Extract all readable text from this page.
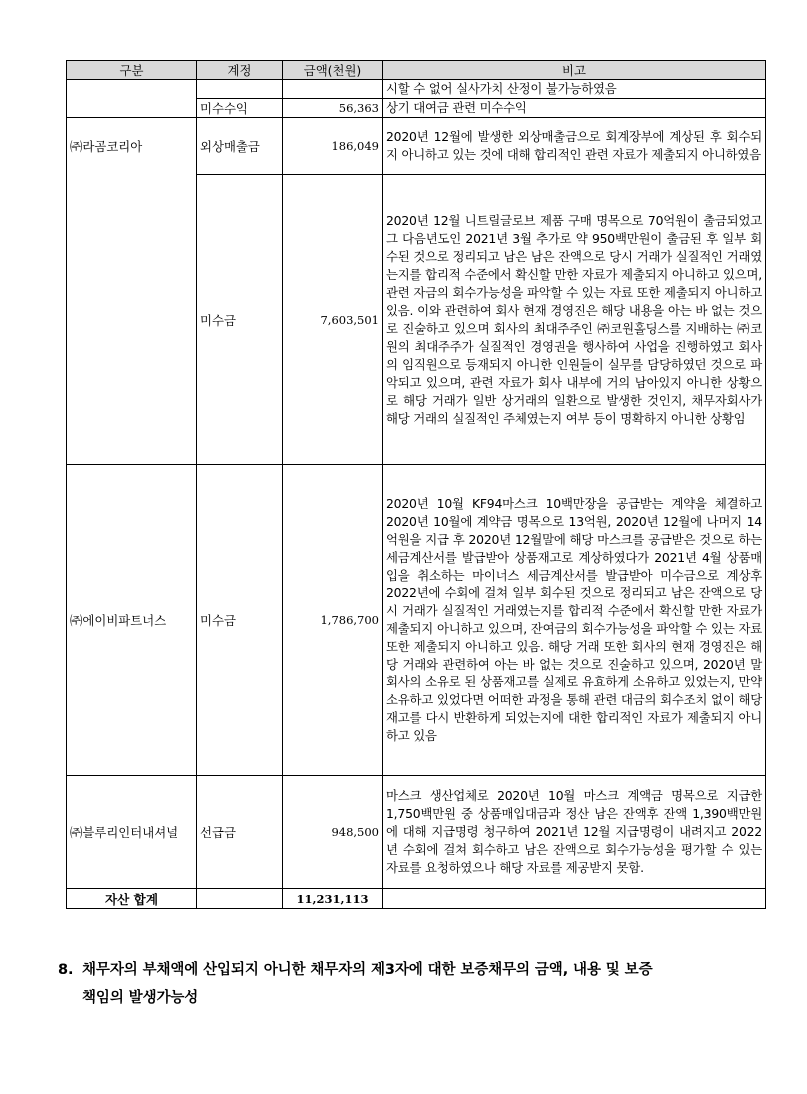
구분	계정	금액(천원)	비고
			시할 수 없어 실사가치 산정이 불가능하였음
	미수수익	56,363	상기 대여금 관련 미수수익
㈜라곰코리아	외상매출금	186,049	2020년 12월에 발생한 외상매출금으로 회계장부에 계상된 후 회수되지 아니하고 있는 것에 대해 합리적인 관련 자료가 제출되지 아니하였음
	미수금	7,603,501	2020년 12월 니트릴글로브 제품 구매 명목으로 70억원이 출금되었고 그 다음년도인 2021년 3월 추가로 약 950백만원이 출금된 후 일부 회수된 것으로 정리되고 남은 남은 잔액으로 당시 거래가 실질적인 거래였는지를 합리적 수준에서 확신할 만한 자료가 제출되지 아니하고 있으며, 관련 자금의 회수가능성을 파악할 수 있는 자료 또한 제출되지 아니하고 있음. 이와 관련하여 회사 현재 경영진은 해당 내용을 아는 바 없는 것으로 진술하고 있으며 회사의 최대주주인 ㈜코원홀딩스를 지배하는 ㈜코원의 최대주주가 실질적인 경영권을 행사하여 사업을 진행하였고 회사의 임직원으로 등재되지 아니한 인원들이 실무를 담당하였던 것으로 파악되고 있으며, 관련 자료가 회사 내부에 거의 남아있지 아니한 상황으로 해당 거래가 일반 상거래의 일환으로 발생한 것인지, 채무자회사가 해당 거래의 실질적인 주체였는지 여부 등이 명확하지 아니한 상황임
㈜에이비파트너스	미수금	1,786,700	2020년 10월 KF94마스크 10백만장을 공급받는 계약을 체결하고 2020년 10월에 계약금 명목으로 13억원, 2020년 12월에 나머지 14억원을 지급 후 2020년 12월말에 해당 마스크를 공급받은 것으로 하는 세금계산서를 발급받아 상품재고로 계상하였다가 2021년 4월 상품매입을 취소하는 마이너스 세금계산서를 발급받아 미수금으로 계상후 2022년에 수회에 걸쳐 일부 회수된 것으로 정리되고 남은 잔액으로 당시 거래가 실질적인 거래였는지를 합리적 수준에서 확신할 만한 자료가 제출되지 아니하고 있으며, 잔여금의 회수가능성을 파악할 수 있는 자료 또한 제출되지 아니하고 있음. 해당 거래 또한 회사의 현재 경영진은 해당 거래와 관련하여 아는 바 없는 것으로 진술하고 있으며, 2020년 말 회사의 소유로 된 상품재고를 실제로 유효하게 소유하고 있었는지, 만약 소유하고 있었다면 어떠한 과정을 통해 관련 대금의 회수조치 없이 해당 재고를 다시 반환하게 되었는지에 대한 합리적인 자료가 제출되지 아니하고 있음
㈜블루리인터내셔널	선급금	948,500	마스크 생산업체로 2020년 10월 마스크 계액금 명목으로 지급한 1,750백만원 중 상품매입대금과 정산 남은 잔액후 잔액 1,390백만원에 대해 지급명령 청구하여 2021년 12월 지급명령이 내려지고 2022년 수회에 걸쳐 회수하고 남은 잔액으로 회수가능성을 평가할 수 있는 자료를 요청하였으나 해당 자료를 제공받지 못함.
자산 합계		11,231,113	
8. 채무자의 부채액에 산입되지 아니한 채무자의 제3자에 대한 보증채무의 금액, 내용 및 보증
책임의 발생가능성
